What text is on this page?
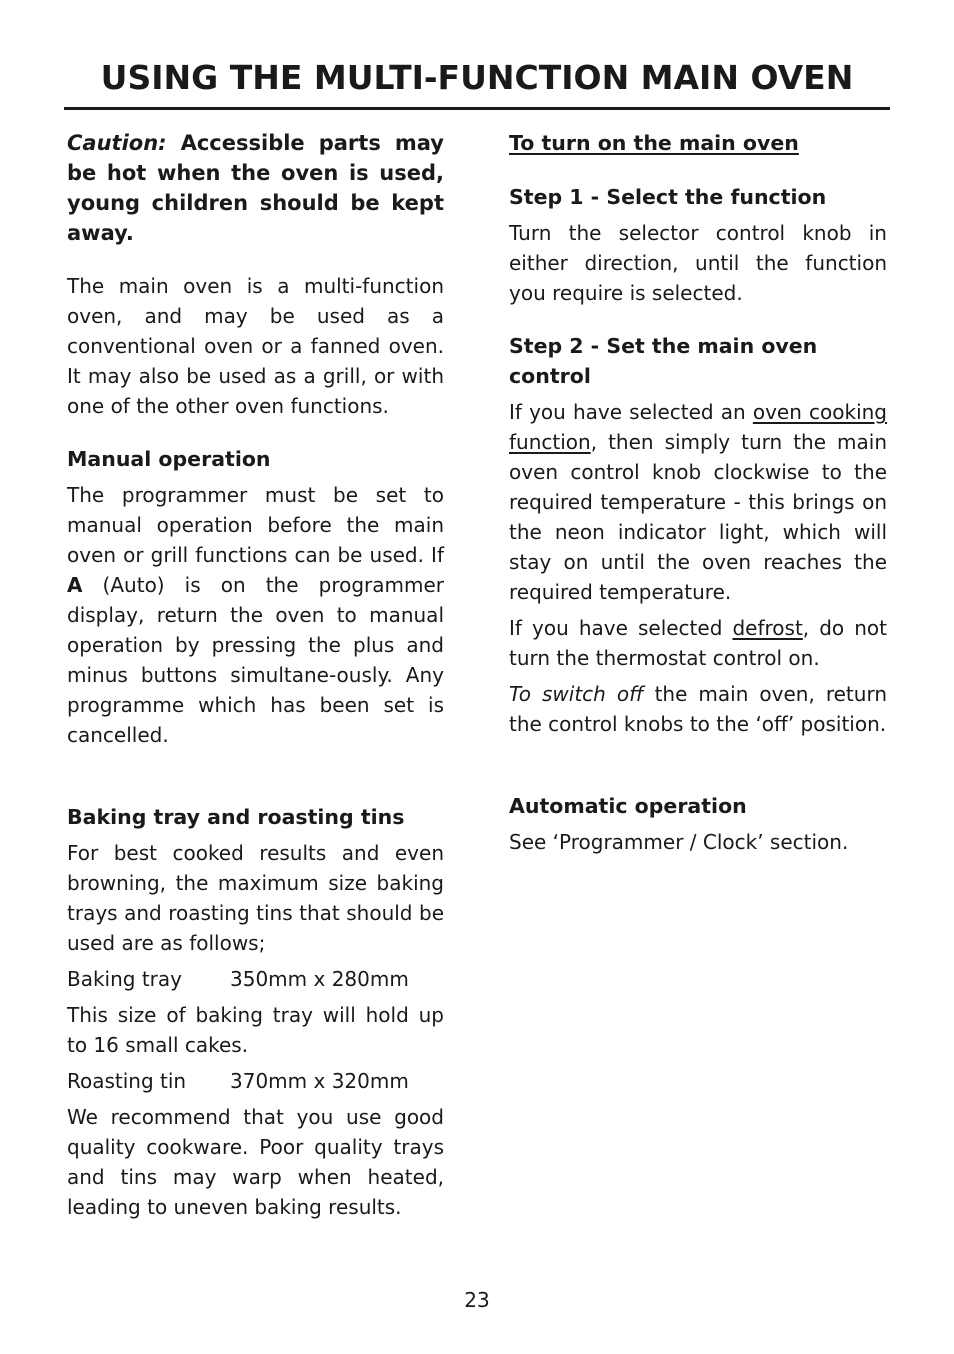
USING THE MULTI-FUNCTION MAIN OVEN

Caution: Accessible parts may be hot when the oven is used, young children should be kept away.

The main oven is a multi-function oven, and may be used as a conventional oven or a fanned oven. It may also be used as a grill, or with one of the other oven functions.

Manual operation

The programmer must be set to manual operation before the main oven or grill functions can be used. If A (Auto) is on the programmer display, return the oven to manual operation by pressing the plus and minus buttons simultane-ously. Any programme which has been set is cancelled.

Baking tray and roasting tins

For best cooked results and even browning, the maximum size baking trays and roasting tins that should be used are as follows;

Baking tray 350mm x 280mm

This size of baking tray will hold up to 16 small cakes.

Roasting tin 370mm x 320mm

We recommend that you use good quality cookware. Poor quality trays and tins may warp when heated, leading to uneven baking results.

To turn on the main oven
Step 1 - Select the function

Turn the selector control knob in either direction, until the function you require is selected.

Step 2 - Set the main oven control

If you have selected an oven cooking function, then simply turn the main oven control knob clockwise to the required temperature - this brings on the neon indicator light, which will stay on until the oven reaches the required temperature.

If you have selected defrost, do not turn the thermostat control on.

To switch off the main oven, return the control knobs to the ‘off’ position.

Automatic operation

See ‘Programmer / Clock’ section.

23
